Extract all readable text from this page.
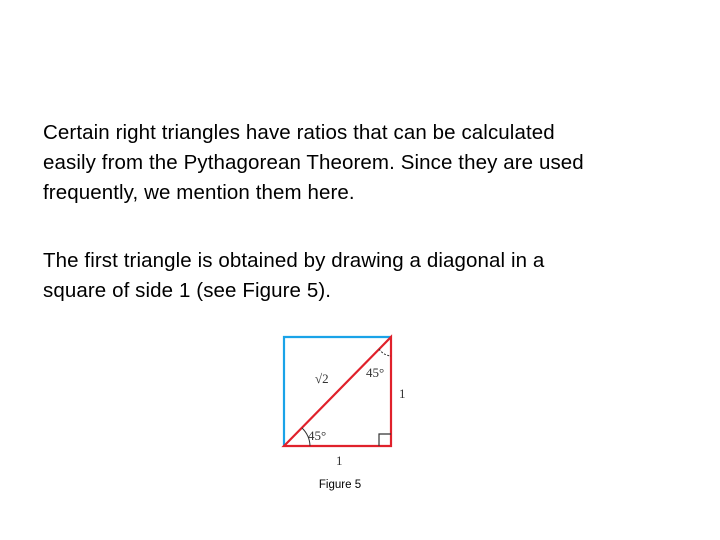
Certain right triangles have ratios that can be calculated
easily from the Pythagorean Theorem. Since they are used
frequently, we mention them here.
The first triangle is obtained by drawing a diagonal in a
square of side 1 (see Figure 5).
√2	45°
45°
1
1
Figure 5
